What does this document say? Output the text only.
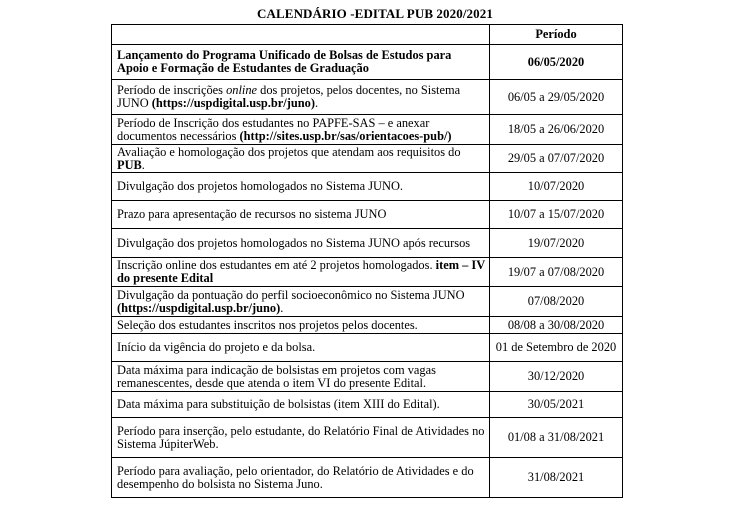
CALENDÁRIO -EDITAL PUB 2020/2021
	Período
Lançamento do Programa Unificado de Bolsas de Estudos para Apoio e Formação de Estudantes de Graduação	06/05/2020
Período de inscrições online dos projetos, pelos docentes, no Sistema JUNO (https://uspdigital.usp.br/juno).	06/05 a 29/05/2020
Período de Inscrição dos estudantes no PAPFE-SAS – e anexar documentos necessários (http://sites.usp.br/sas/orientacoes-pub/)	18/05 a 26/06/2020
Avaliação e homologação dos projetos que atendam aos requisitos do PUB.	29/05 a 07/07/2020
Divulgação dos projetos homologados no Sistema JUNO.	10/07/2020
Prazo para apresentação de recursos no sistema JUNO	10/07 a 15/07/2020
Divulgação dos projetos homologados no Sistema JUNO após recursos	19/07/2020
Inscrição online dos estudantes em até 2 projetos homologados. item – IV do presente Edital	19/07 a 07/08/2020
Divulgação da pontuação do perfil socioeconômico no Sistema JUNO (https://uspdigital.usp.br/juno).	07/08/2020
Seleção dos estudantes inscritos nos projetos pelos docentes.	08/08 a 30/08/2020
Início da vigência do projeto e da bolsa.	01 de Setembro de 2020
Data máxima para indicação de bolsistas em projetos com vagas remanescentes, desde que atenda o item VI do presente Edital.	30/12/2020
Data máxima para substituição de bolsistas (item XIII do Edital).	30/05/2021
Período para inserção, pelo estudante, do Relatório Final de Atividades no Sistema JúpiterWeb.	01/08 a 31/08/2021
Período para avaliação, pelo orientador, do Relatório de Atividades e do desempenho do bolsista no Sistema Juno.	31/08/2021
